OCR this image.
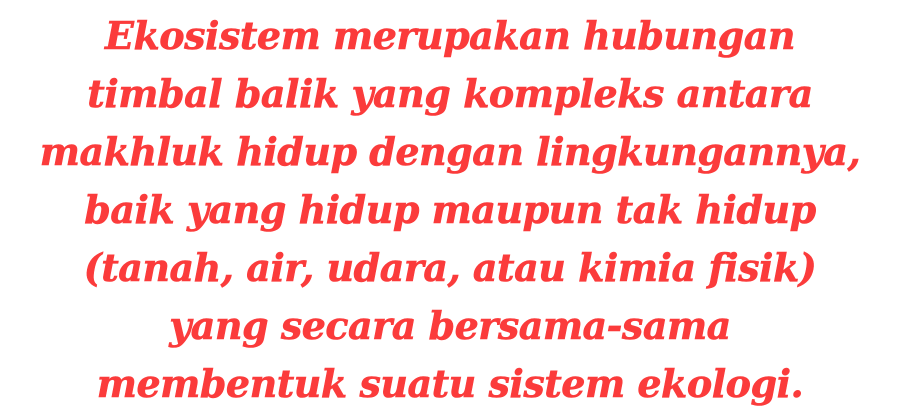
Ekosistem merupakan hubungan
timbal balik yang kompleks antara
makhluk hidup dengan lingkungannya,
baik yang hidup maupun tak hidup
(tanah, air, udara, atau kimia fisik)
yang secara bersama-sama
membentuk suatu sistem ekologi.
